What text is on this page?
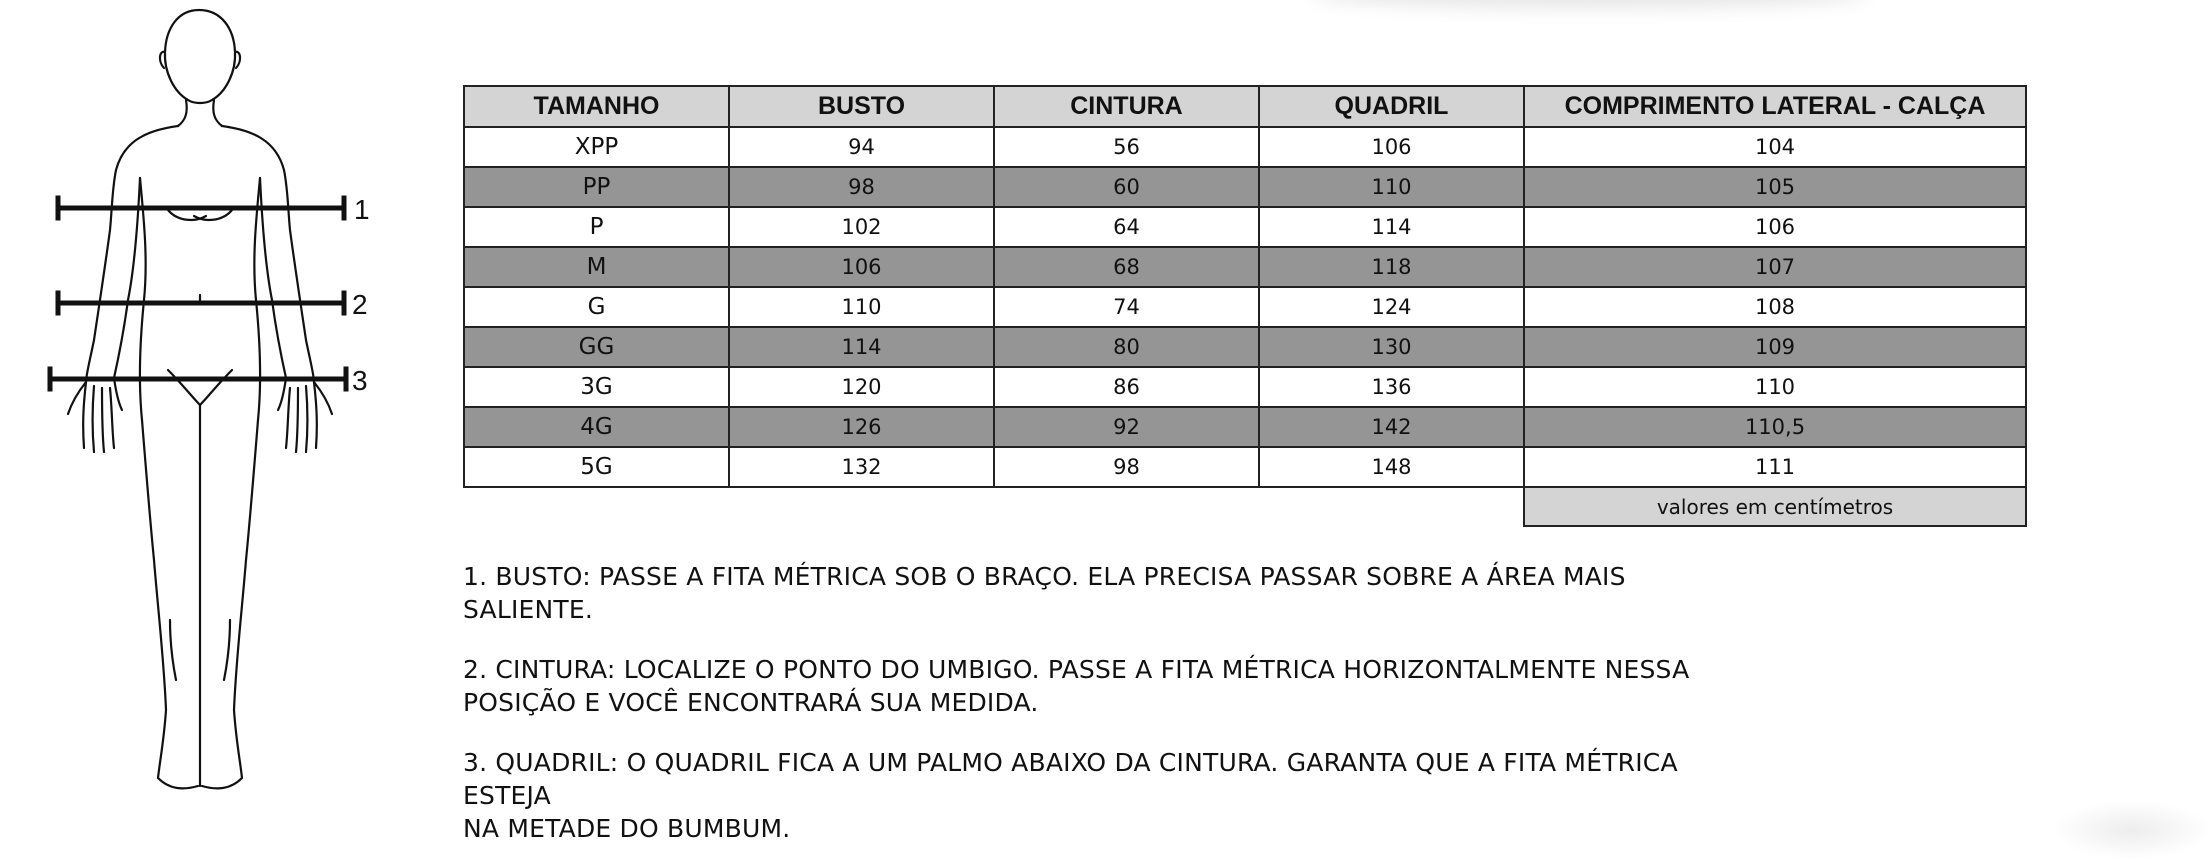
1
2
3
TAMANHO	BUSTO	CINTURA	QUADRIL	COMPRIMENTO LATERAL - CALÇA
XPP	94	56	106	104
PP	98	60	110	105
P	102	64	114	106
M	106	68	118	107
G	110	74	124	108
GG	114	80	130	109
3G	120	86	136	110
4G	126	92	142	110,5
5G	132	98	148	111
				valores em centímetros

1. BUSTO: PASSE A FITA MÉTRICA SOB O BRAÇO. ELA PRECISA PASSAR SOBRE A ÁREA MAIS SALIENTE.

2. CINTURA: LOCALIZE O PONTO DO UMBIGO. PASSE A FITA MÉTRICA HORIZONTALMENTE NESSA
POSIÇÃO E VOCÊ ENCONTRARÁ SUA MEDIDA.

3. QUADRIL: O QUADRIL FICA A UM PALMO ABAIXO DA CINTURA. GARANTA QUE A FITA MÉTRICA ESTEJA
NA METADE DO BUMBUM.
